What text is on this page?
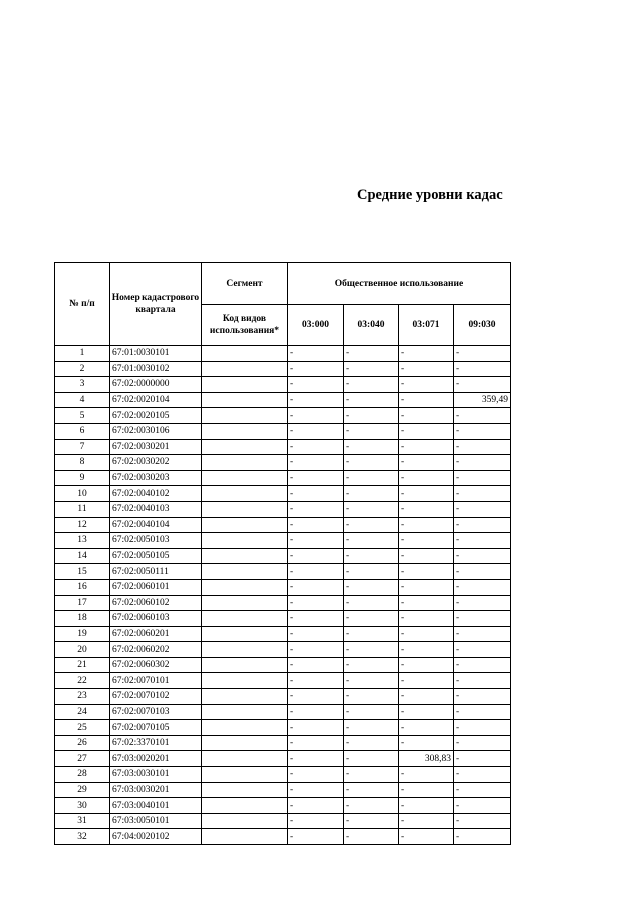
Средние уровни кадас
№ п/п	Номер кадастрового квартала	Сегмент	Общественное использование			
		Код видов использования*	03:000	03:040	03:071	09:030
1	67:01:0030101		-	-	-	-
2	67:01:0030102		-	-	-	-
3	67:02:0000000		-	-	-	-
4	67:02:0020104		-	-	-	359,49
5	67:02:0020105		-	-	-	-
6	67:02:0030106		-	-	-	-
7	67:02:0030201		-	-	-	-
8	67:02:0030202		-	-	-	-
9	67:02:0030203		-	-	-	-
10	67:02:0040102		-	-	-	-
11	67:02:0040103		-	-	-	-
12	67:02:0040104		-	-	-	-
13	67:02:0050103		-	-	-	-
14	67:02:0050105		-	-	-	-
15	67:02:0050111		-	-	-	-
16	67:02:0060101		-	-	-	-
17	67:02:0060102		-	-	-	-
18	67:02:0060103		-	-	-	-
19	67:02:0060201		-	-	-	-
20	67:02:0060202		-	-	-	-
21	67:02:0060302		-	-	-	-
22	67:02:0070101		-	-	-	-
23	67:02:0070102		-	-	-	-
24	67:02:0070103		-	-	-	-
25	67:02:0070105		-	-	-	-
26	67:02:3370101		-	-	-	-
27	67:03:0020201		-	-	308,83	-
28	67:03:0030101		-	-	-	-
29	67:03:0030201		-	-	-	-
30	67:03:0040101		-	-	-	-
31	67:03:0050101		-	-	-	-
32	67:04:0020102		-	-	-	-
